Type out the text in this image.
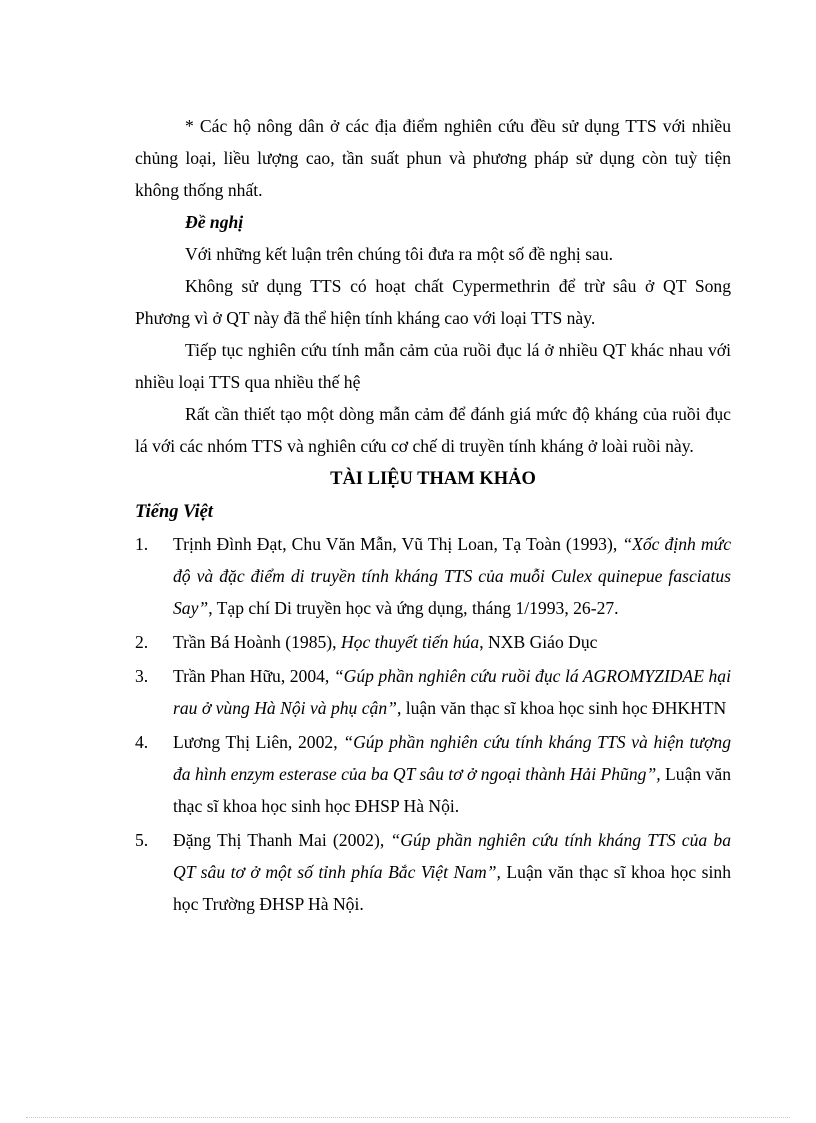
* Các hộ nông dân ở các địa điểm nghiên cứu đều sử dụng TTS với nhiều chủng loại, liều lượng cao, tần suất phun và phương pháp sử dụng còn tuỳ tiện không thống nhất.

Đề nghị

Với những kết luận trên chúng tôi đưa ra một số đề nghị sau.

Không sử dụng TTS có hoạt chất Cypermethrin để trừ sâu ở QT Song Phương vì ở QT này đã thể hiện tính kháng cao với loại TTS này.

Tiếp tục nghiên cứu tính mẫn cảm của ruồi đục lá ở nhiều QT khác nhau với nhiều loại TTS qua nhiều thế hệ

Rất cần thiết tạo một dòng mẫn cảm để đánh giá mức độ kháng của ruồi đục lá với các nhóm TTS và nghiên cứu cơ chế di truyền tính kháng ở loài ruồi này.

TÀI LIỆU THAM KHẢO

Tiếng Việt

1. Trịnh Đình Đạt, Chu Văn Mẫn, Vũ Thị Loan, Tạ Toàn (1993), “Xốc định mức độ và đặc điểm di truyền tính kháng TTS của muỗi Culex quinepue fasciatus Say”, Tạp chí Di truyền học và ứng dụng, tháng 1/1993, 26-27.
2. Trần Bá Hoành (1985), Học thuyết tiến húa, NXB Giáo Dục
3. Trần Phan Hữu, 2004, “Gúp phần nghiên cứu ruồi đục lá AGROMYZIDAE hại rau ở vùng Hà Nội và phụ cận”, luận văn thạc sĩ khoa học sinh học ĐHKHTN
4. Lương Thị Liên, 2002, “Gúp phần nghiên cứu tính kháng TTS và hiện tượng đa hình enzym esterase của ba QT sâu tơ ở ngoại thành Hải Phũng”, Luận văn thạc sĩ khoa học sinh học ĐHSP Hà Nội.
5. Đặng Thị Thanh Mai (2002), “Gúp phần nghiên cứu tính kháng TTS của ba QT sâu tơ ở một số tỉnh phía Bắc Việt Nam”, Luận văn thạc sĩ khoa học sinh học Trường ĐHSP Hà Nội.
